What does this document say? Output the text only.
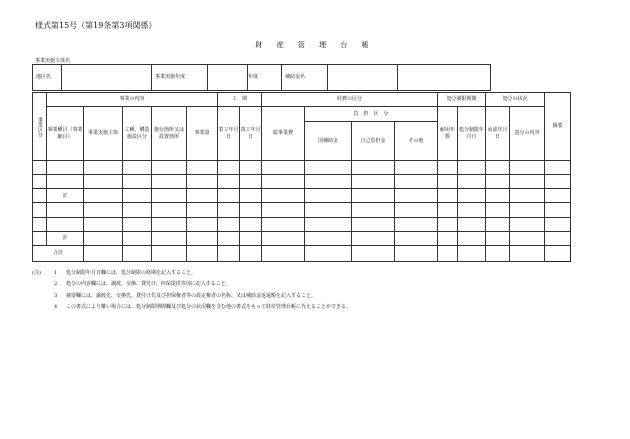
様式第15号（第19条第3項関係）
財 産 管 理 台 帳
事業実施主体名
地区名		事業実施年度		年度	補助金名		
事業区分	事業の内容					工　期		経費の区分				処分制限期間		処分の状況		摘要
	事業種目（事業細目）	事業実施主体	工種、構造施設区分	施行箇所又は設置箇所	事業量	着工年月日	竣工年月日	総事業費	負　担　区　分			耐用年数	処分制限年月日	承認年月日	処分の内容	
									国補助金	自己負担金	その他					

	計															

	計															
合計																
(注)	1	処分制限年月日欄には、処分制限の終期を記入すること。
2	処分の内容欄には、譲渡、交換、貸付け、担保提供等別に記入すること。
3	摘要欄には、譲渡先、交換先、貸付け先及び担保権者等の設定権者の名称、又は補助金返還額を記入すること。
4	この書式により難い場合には、処分制限期間欄及び処分の状況欄を含む他の書式をもって財産管理台帳に代えることができる。
